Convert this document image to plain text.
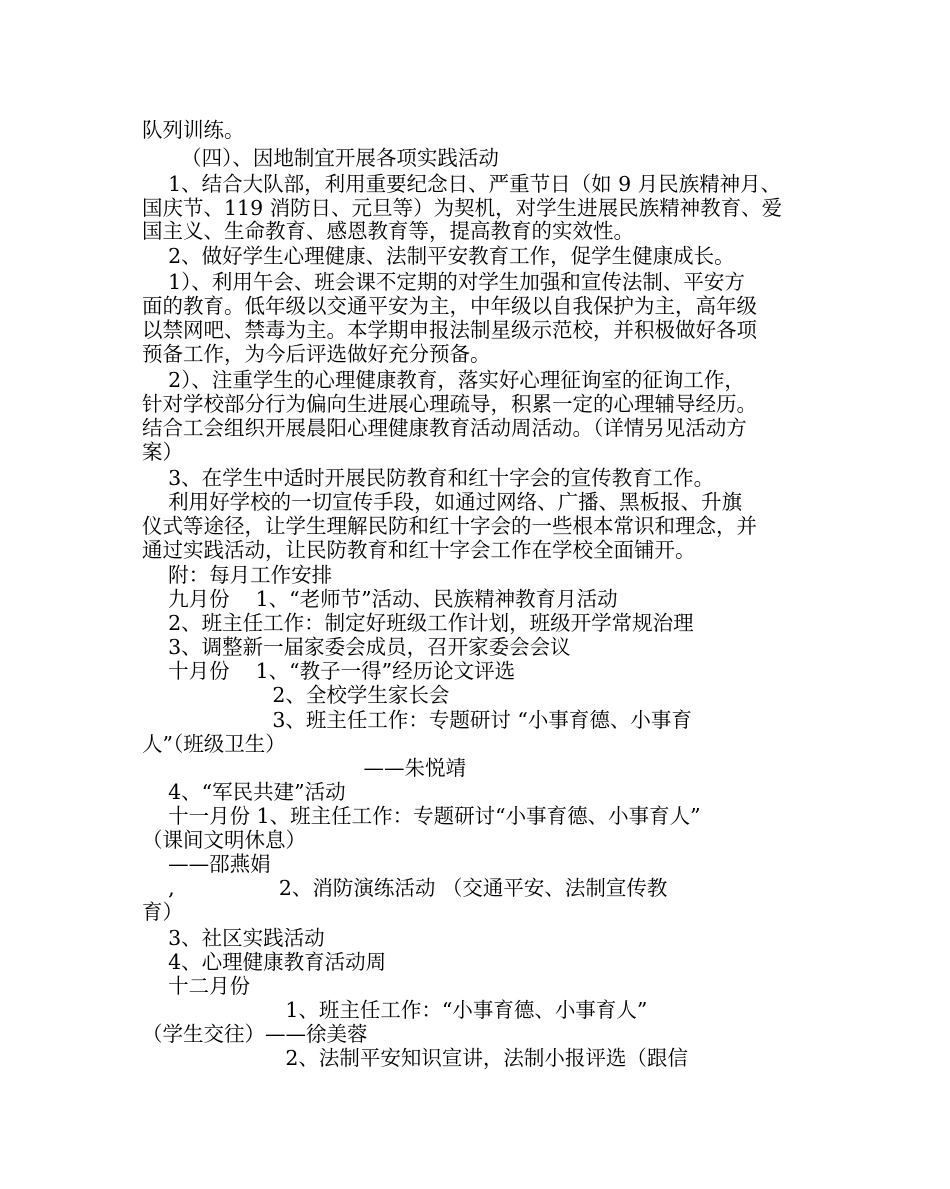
队列训练。
（四）、因地制宜开展各项实践活动
1、结合大队部，利用重要纪念日、严重节日（如 9 月民族精神月、
国庆节、119 消防日、元旦等）为契机，对学生进展民族精神教育、爱
国主义、生命教育、感恩教育等，提高教育的实效性。
2、做好学生心理健康、法制平安教育工作，促学生健康成长。
1）、利用午会、班会课不定期的对学生加强和宣传法制、平安方
面的教育。低年级以交通平安为主，中年级以自我保护为主，高年级
以禁网吧、禁毒为主。本学期申报法制星级示范校，并积极做好各项
预备工作，为今后评选做好充分预备。
2）、注重学生的心理健康教育，落实好心理征询室的征询工作，
针对学校部分行为偏向生进展心理疏导，积累一定的心理辅导经历。
结合工会组织开展晨阳心理健康教育活动周活动。（详情另见活动方
案）
3、在学生中适时开展民防教育和红十字会的宣传教育工作。
利用好学校的一切宣传手段，如通过网络、广播、黑板报、升旗
仪式等途径，让学生理解民防和红十字会的一些根本常识和理念，并
通过实践活动，让民防教育和红十字会工作在学校全面铺开。
附：每月工作安排
九月份    1、“老师节”活动、民族精神教育月活动
2、班主任工作：制定好班级工作计划，班级开学常规治理
3、调整新一届家委会成员，召开家委会会议
十月份    1、“教子一得”经历论文评选
2、全校学生家长会
3、班主任工作：专题研讨 “小事育德、小事育
人”（班级卫生）
——朱悦靖
4、“军民共建”活动
十一月份 1、班主任工作：专题研讨“小事育德、小事育人”
（课间文明休息）
——邵燕娟
,                2、消防演练活动 （交通平安、法制宣传教
育）
3、社区实践活动
4、心理健康教育活动周
十二月份
1、班主任工作：“小事育德、小事育人”
（学生交往）——徐美蓉
2、法制平安知识宣讲，法制小报评选（跟信
